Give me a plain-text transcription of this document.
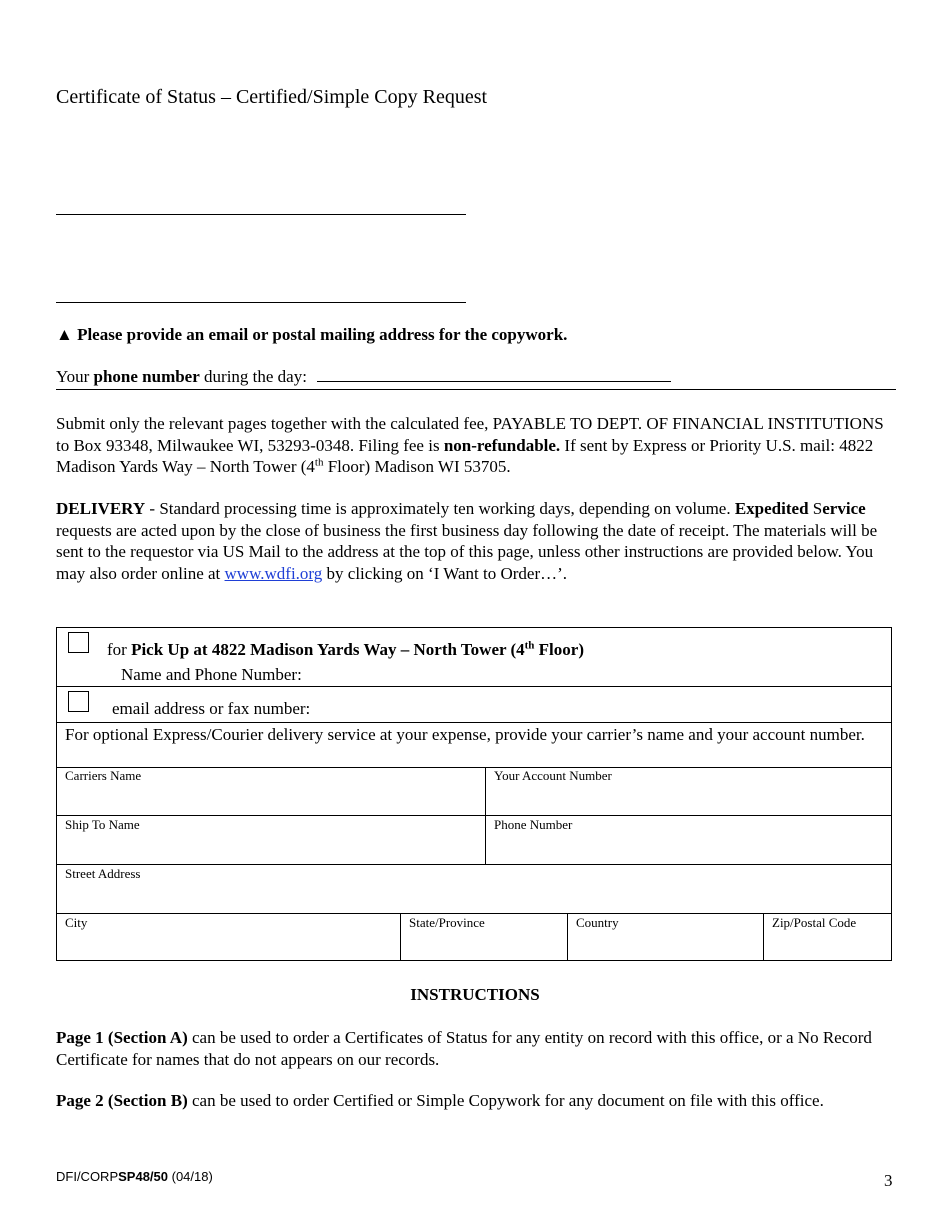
Certificate of Status – Certified/Simple Copy Request
▲ Please provide an email or postal mailing address for the copywork.
Your phone number during the day:
Submit only the relevant pages together with the calculated fee, PAYABLE TO DEPT. OF FINANCIAL INSTITUTIONS to Box 93348, Milwaukee WI, 53293-0348. Filing fee is non-refundable. If sent by Express or Priority U.S. mail: 4822 Madison Yards Way – North Tower (4th Floor) Madison WI 53705.
DELIVERY - Standard processing time is approximately ten working days, depending on volume. Expedited Service requests are acted upon by the close of business the first business day following the date of receipt. The materials will be sent to the requestor via US Mail to the address at the top of this page, unless other instructions are provided below. You may also order online at www.wdfi.org by clicking on ‘I Want to Order…’.
for Pick Up at 4822 Madison Yards Way – North Tower (4th Floor)
Name and Phone Number:
email address or fax number:
For optional Express/Courier delivery service at your expense, provide your carrier’s name and your account number.
Carriers Name	Your Account Number
Ship To Name	Phone Number
Street Address
City	State/Province	Country	Zip/Postal Code
INSTRUCTIONS
Page 1 (Section A) can be used to order a Certificates of Status for any entity on record with this office, or a No Record Certificate for names that do not appears on our records.
Page 2 (Section B) can be used to order Certified or Simple Copywork for any document on file with this office.
DFI/CORPSP48/50 (04/18)	3
